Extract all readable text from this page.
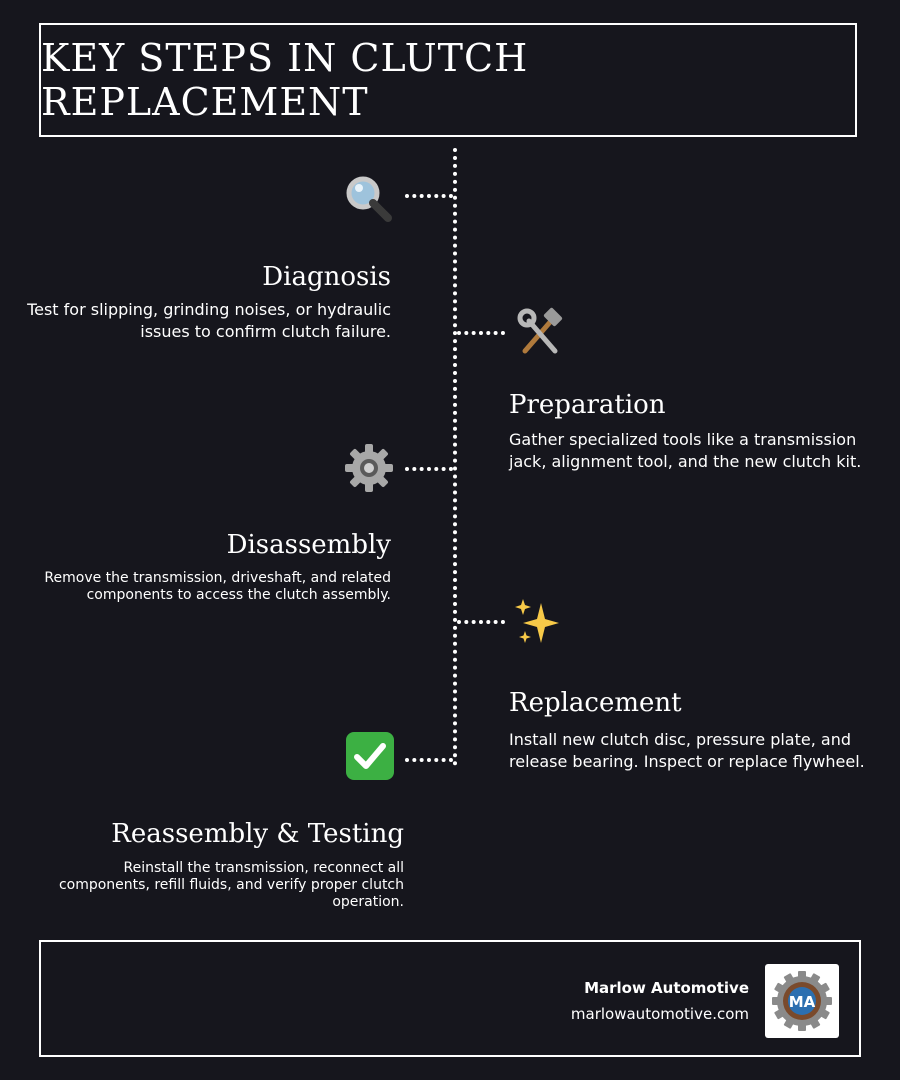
KEY STEPS IN CLUTCH REPLACEMENT
Diagnosis

Test for slipping, grinding noises, or hydraulic issues to confirm clutch failure.

Preparation

Gather specialized tools like a transmission jack, alignment tool, and the new clutch kit.

Disassembly

Remove the transmission, driveshaft, and related components to access the clutch assembly.

Replacement

Install new clutch disc, pressure plate, and release bearing. Inspect or replace flywheel.

Reassembly & Testing

Reinstall the transmission, reconnect all components, refill fluids, and verify proper clutch operation.

Marlow Automotive
marlowautomotive.com
MA
